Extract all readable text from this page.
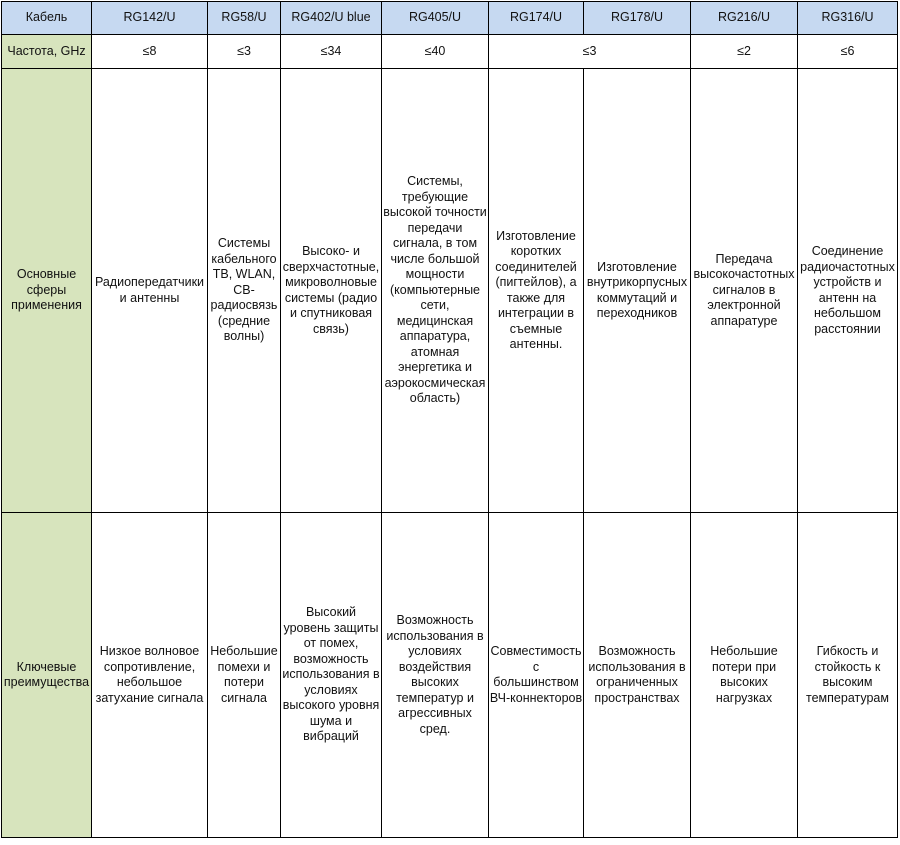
Кабель	RG142/U	RG58/U	RG402/U blue	RG405/U	RG174/U	RG178/U	RG216/U	RG316/U
Частота, GHz	≤8	≤3	≤34	≤40	≤3		≤2	≤6
Основные сферы применения	Радиопередатчики и антенны	Системы кабельного ТВ, WLAN, CB-радиосвязь (средние волны)	Высоко- и сверхчастотные, микроволновые системы (радио и спутниковая связь)	Системы, требующие высокой точности передачи сигнала, в том числе большой мощности (компьютерные сети, медицинская аппаратура, атомная энергетика и аэрокосмическая область)	Изготовление коротких соединителей (пигтейлов), а также для интеграции в съемные антенны.	Изготовление внутрикорпусных коммутаций и переходников	Передача высокочастотных сигналов в электронной аппаратуре	Соединение радиочастотных устройств и антенн на небольшом расстоянии
Ключевые преимущества	Низкое волновое сопротивление, небольшое затухание сигнала	Небольшие помехи и потери сигнала	Высокий уровень защиты от помех, возможность использования в условиях высокого уровня шума и вибраций	Возможность использования в условиях воздействия высоких температур и агрессивных сред.	Совместимость с большинством ВЧ-коннекторов	Возможность использования в ограниченных пространствах	Небольшие потери при высоких нагрузках	Гибкость и стойкость к высоким температурам
